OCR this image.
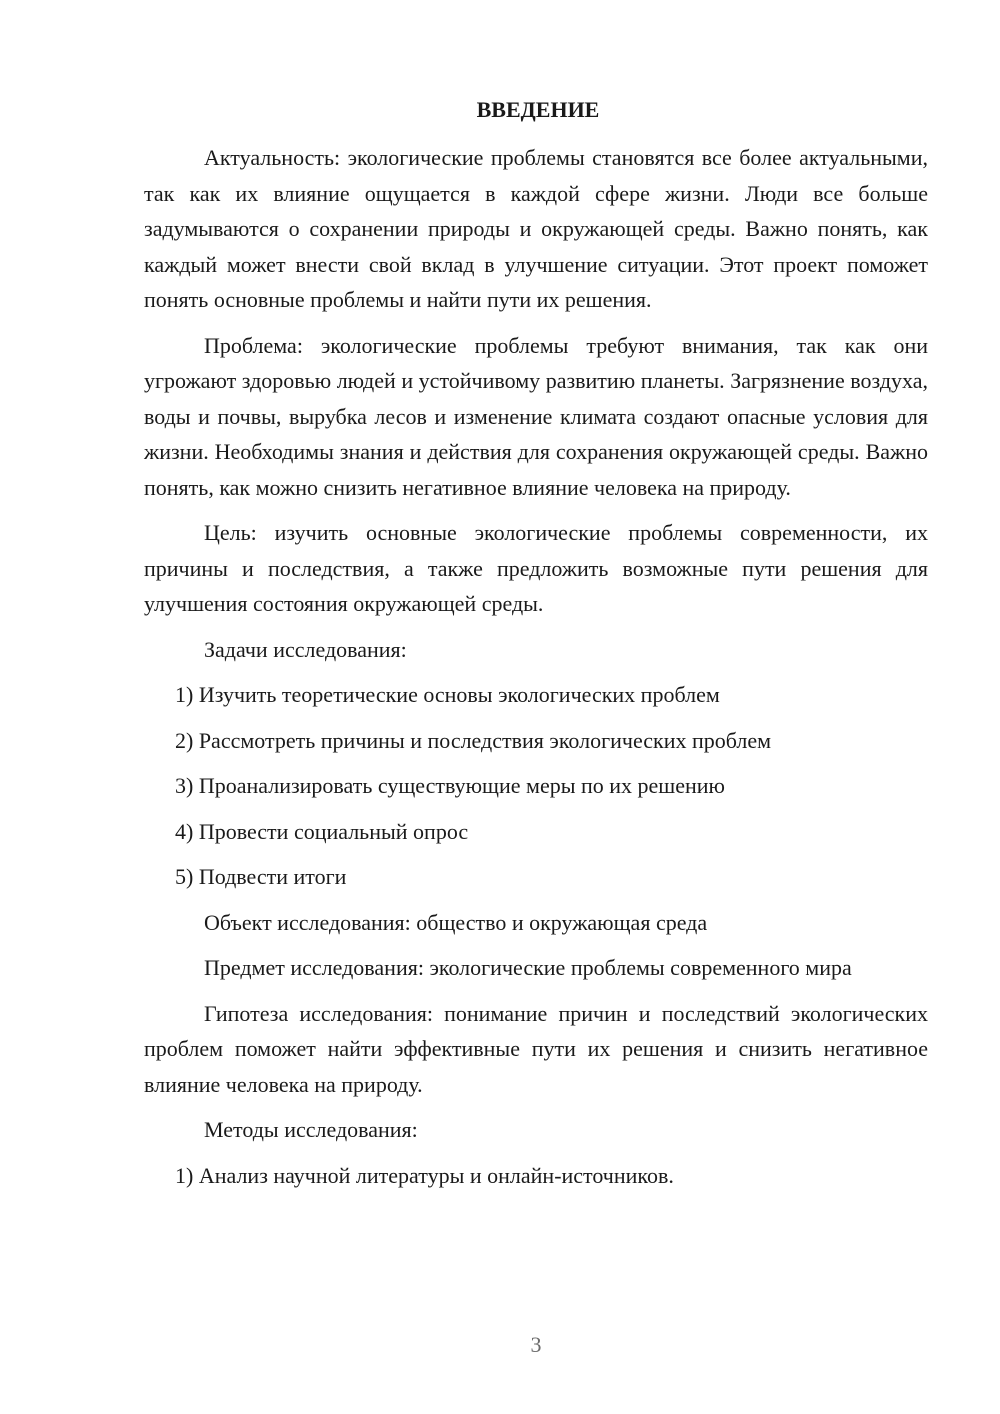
ВВЕДЕНИЕ

Актуальность: экологические проблемы становятся все более актуальными, так как их влияние ощущается в каждой сфере жизни. Люди все больше задумываются о сохранении природы и окружающей среды. Важно понять, как каждый может внести свой вклад в улучшение ситуации. Этот проект поможет понять основные проблемы и найти пути их решения.

Проблема: экологические проблемы требуют внимания, так как они угрожают здоровью людей и устойчивому развитию планеты. Загрязнение воздуха, воды и почвы, вырубка лесов и изменение климата создают опасные условия для жизни. Необходимы знания и действия для сохранения окружающей среды. Важно понять, как можно снизить негативное влияние человека на природу.

Цель: изучить основные экологические проблемы современности, их причины и последствия, а также предложить возможные пути решения для улучшения состояния окружающей среды.

Задачи исследования:

1) Изучить теоретические основы экологических проблем

2) Рассмотреть причины и последствия экологических проблем

3) Проанализировать существующие меры по их решению

4) Провести социальный опрос

5) Подвести итоги

Объект исследования: общество и окружающая среда

Предмет исследования: экологические проблемы современного мира

Гипотеза исследования: понимание причин и последствий экологических проблем поможет найти эффективные пути их решения и снизить негативное влияние человека на природу.

Методы исследования:

1) Анализ научной литературы и онлайн-источников.

3
